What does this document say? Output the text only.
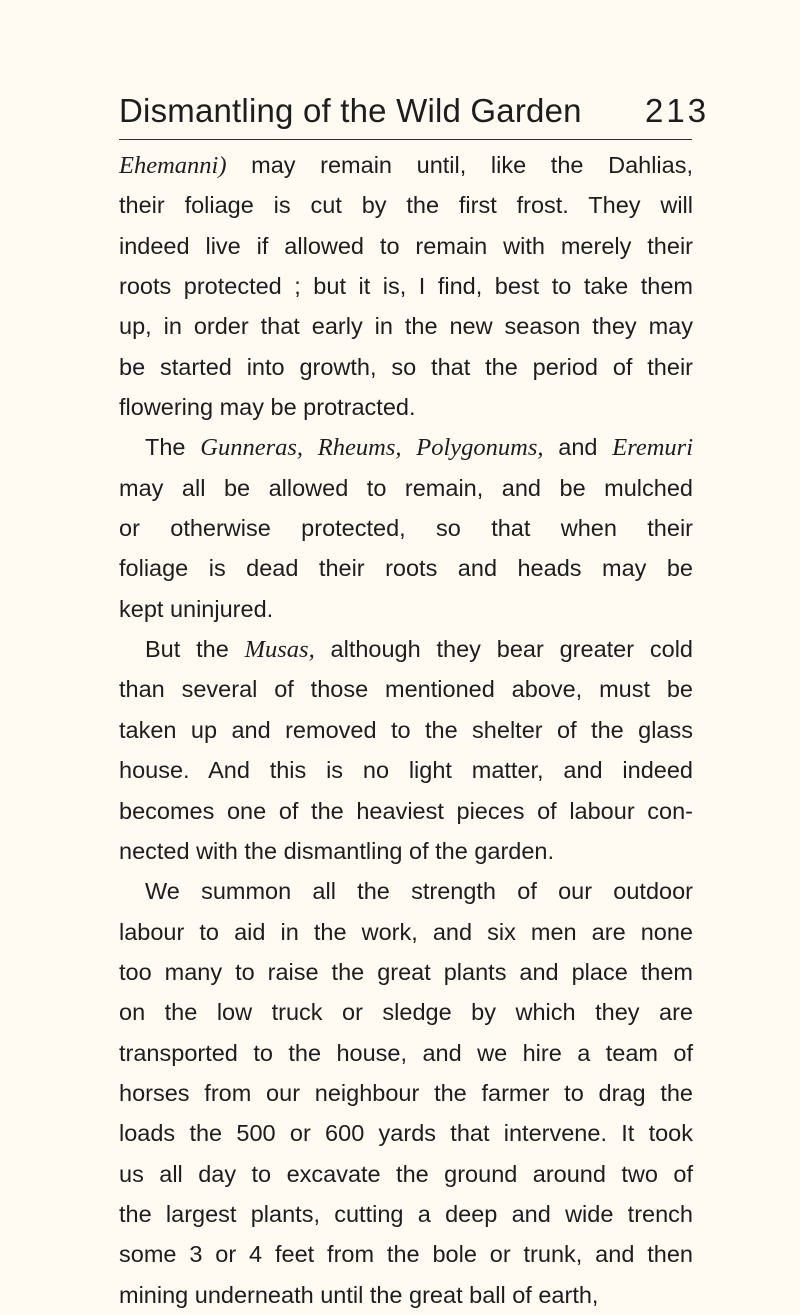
Dismantling of the Wild Garden 213
Ehemanni) may remain until, like the Dahlias,
their foliage is cut by the first frost. They will
indeed live if allowed to remain with merely their
roots protected ; but it is, I find, best to take them
up, in order that early in the new season they may
be started into growth, so that the period of their
flowering may be protracted.
The Gunneras, Rheums, Polygonums, and Eremuri
may all be allowed to remain, and be mulched
or otherwise protected, so that when their
foliage is dead their roots and heads may be
kept uninjured.
But the Musas, although they bear greater cold
than several of those mentioned above, must be
taken up and removed to the shelter of the glass
house. And this is no light matter, and indeed
becomes one of the heaviest pieces of labour con-
nected with the dismantling of the garden.
We summon all the strength of our outdoor
labour to aid in the work, and six men are none
too many to raise the great plants and place them
on the low truck or sledge by which they are
transported to the house, and we hire a team of
horses from our neighbour the farmer to drag the
loads the 500 or 600 yards that intervene. It took
us all day to excavate the ground around two of
the largest plants, cutting a deep and wide trench
some 3 or 4 feet from the bole or trunk, and then
mining underneath until the great ball of earth,
